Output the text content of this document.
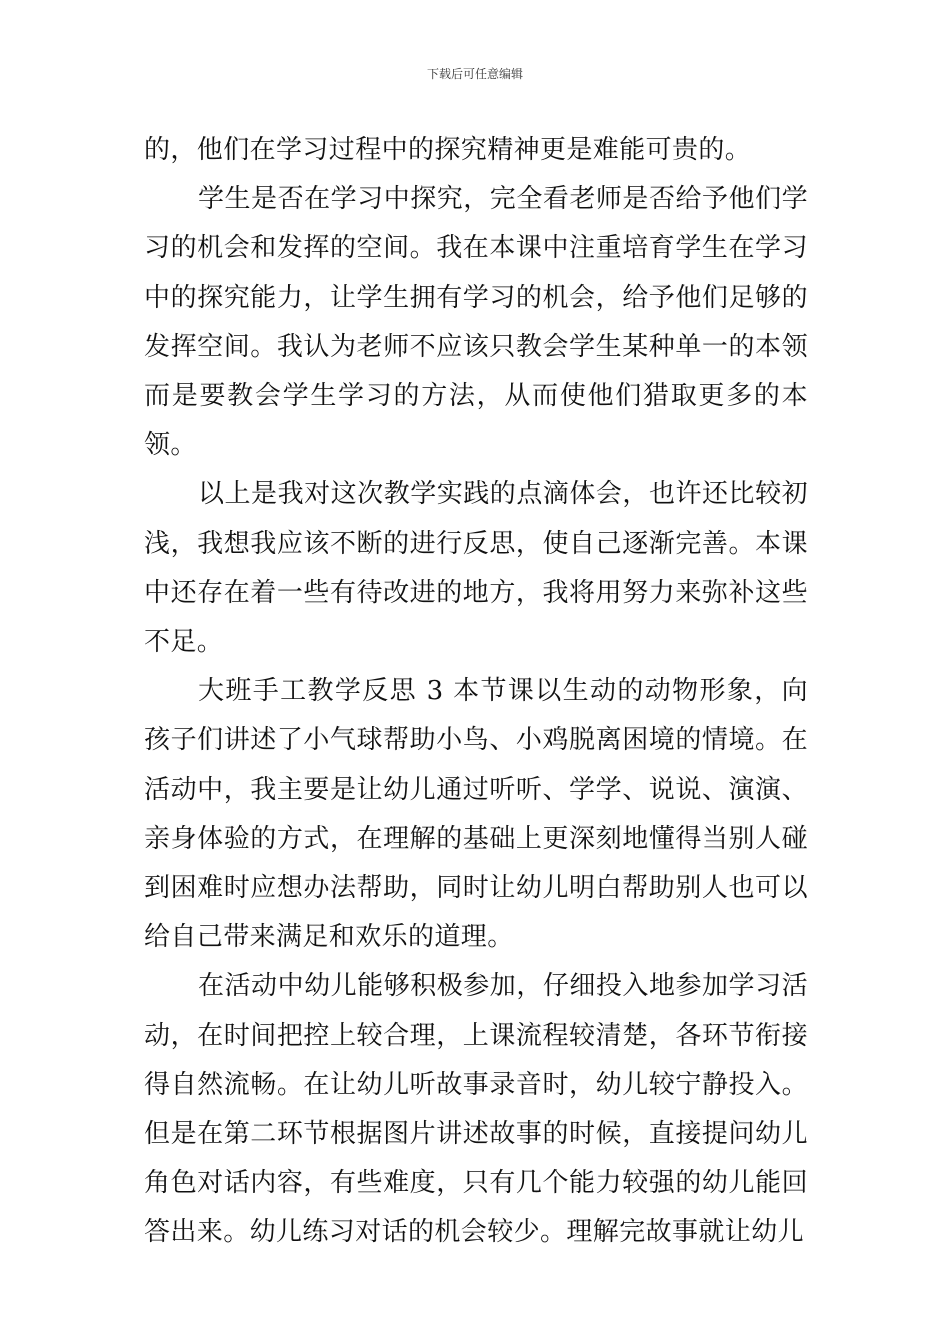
下载后可任意编辑

的，他们在学习过程中的探究精神更是难能可贵的。

学生是否在学习中探究，完全看老师是否给予他们学习的机会和发挥的空间。我在本课中注重培育学生在学习中的探究能力，让学生拥有学习的机会，给予他们足够的发挥空间。我认为老师不应该只教会学生某种单一的本领而是要教会学生学习的方法，从而使他们猎取更多的本领。

以上是我对这次教学实践的点滴体会，也许还比较初浅，我想我应该不断的进行反思，使自己逐渐完善。本课中还存在着一些有待改进的地方，我将用努力来弥补这些不足。

大班手工教学反思 3 本节课以生动的动物形象，向孩子们讲述了小气球帮助小鸟、小鸡脱离困境的情境。在活动中，我主要是让幼儿通过听听、学学、说说、演演、亲身体验的方式，在理解的基础上更深刻地懂得当别人碰到困难时应想办法帮助，同时让幼儿明白帮助别人也可以给自己带来满足和欢乐的道理。

在活动中幼儿能够积极参加，仔细投入地参加学习活动，在时间把控上较合理，上课流程较清楚，各环节衔接得自然流畅。在让幼儿听故事录音时，幼儿较宁静投入。但是在第二环节根据图片讲述故事的时候，直接提问幼儿角色对话内容，有些难度，只有几个能力较强的幼儿能回答出来。幼儿练习对话的机会较少。理解完故事就让幼儿
